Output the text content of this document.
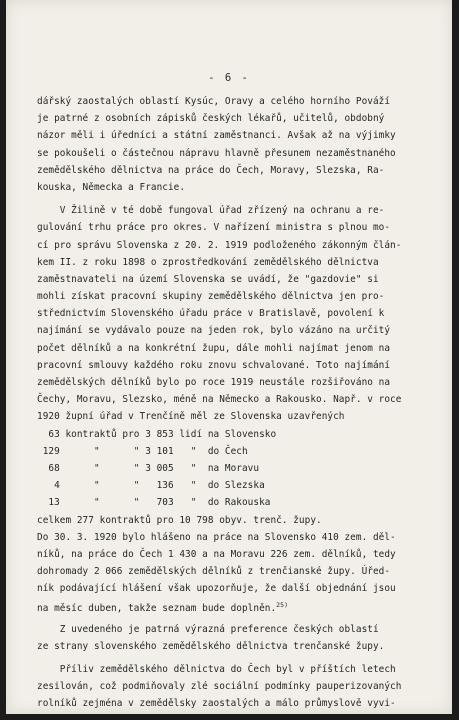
- 6 -
dářský zaostalých oblastí Kysúc, Oravy a celého horního Pováží
je patrné z osobních zápisků českých lékařů, učitelů, obdobný
názor měli i úředníci a státní zaměstnanci. Avšak až na výjimky
se pokoušeli o částečnou nápravu hlavně přesunem nezaměstnaného
zemědělského dělnictva na práce do Čech, Moravy, Slezska, Ra-
kouska, Německa a Francie.
V Žilině v té době fungoval úřad zřízený na ochranu a re-
gulování trhu práce pro okres. V nařízení ministra s plnou mo-
cí pro správu Slovenska z 20. 2. 1919 podloženého zákonným člán-
kem II. z roku 1898 o zprostředkování zemědělského dělnictva
zaměstnavateli na území Slovenska se uvádí, že "gazdovie" si
mohli získat pracovní skupiny zemědělského dělnictva jen pro-
střednictvím Slovenského úřadu práce v Bratislavě, povolení k
najímání se vydávalo pouze na jeden rok, bylo vázáno na určitý
počet dělníků a na konkrétní župu, dále mohli najímat jenom na
pracovní smlouvy každého roku znovu schvalované. Toto najímání
zemědělských dělníků bylo po roce 1919 neustále rozšiřováno na
Čechy, Moravu, Slezsko, méně na Německo a Rakousko. Např. v roce
1920 župní úřad v Trenčíně měl ze Slovenska uzavřených
63 kontraktů pro 3 853 lidí na Slovensko
129      "      " 3 101   "  do Čech
68      "      " 3 005   "  na Moravu
4      "      "   136   "  do Slezska
13      "      "   703   "  do Rakouska
celkem 277 kontraktů pro 10 798 obyv. trenč. župy.
Do 30. 3. 1920 bylo hlášeno na práce na Slovensko 410 zem. děl-
níků, na práce do Čech 1 430 a na Moravu 226 zem. dělníků, tedy
dohromady 2 066 zemědělských dělníků z trenčianské župy. Úřed-
ník podávající hlášení však upozorňuje, že další objednání jsou
na měsíc duben, takže seznam bude doplněn.$^{25)}$
Z uvedeného je patrná výrazná preference českých oblastí
ze strany slovenského zemědělského dělnictva trenčanské župy.
Příliv zemědělského dělnictva do Čech byl v příštích letech
zesilován, což podmiňovaly zlé sociální podmínky pauperizovaných
rolníků zejména v zemědělsky zaostalých a málo průmyslově vyvi-
